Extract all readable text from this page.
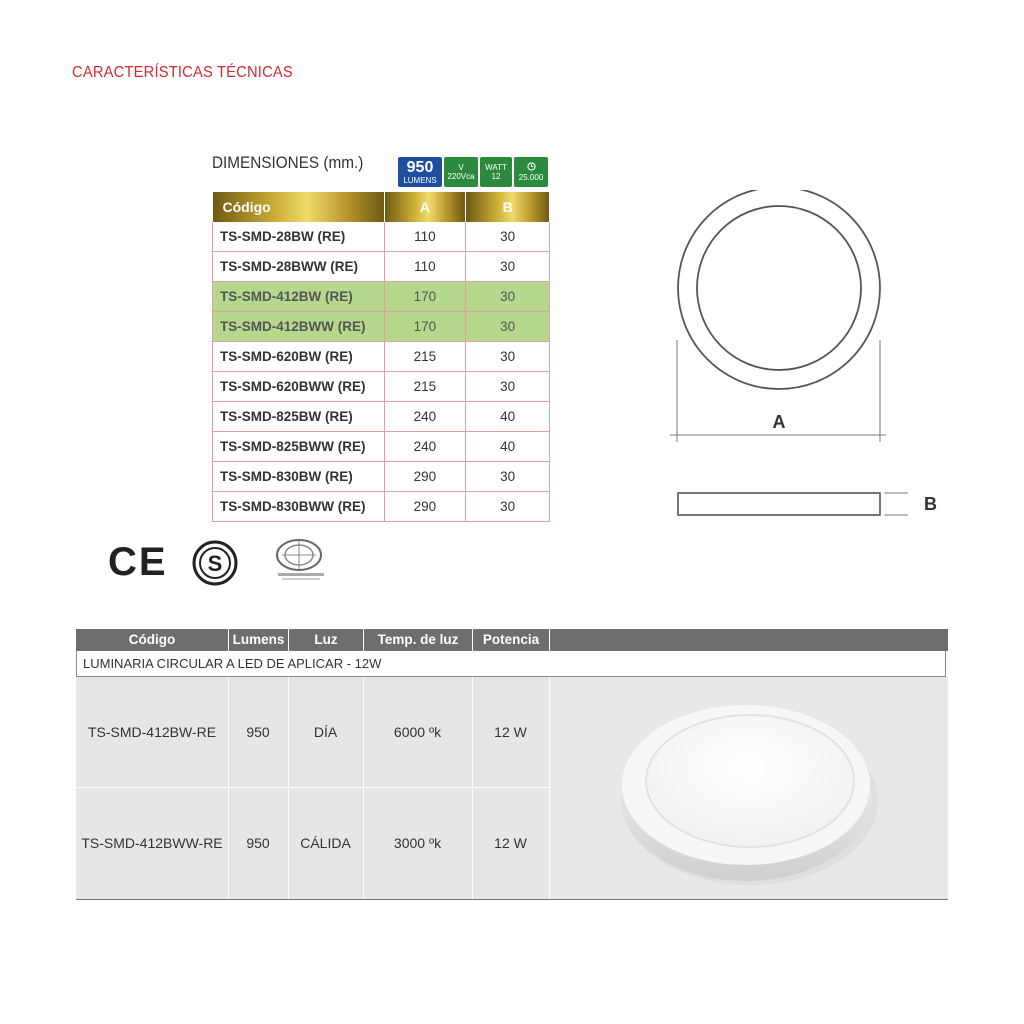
CARACTERÍSTICAS TÉCNICAS
DIMENSIONES (mm.)	950
LUMENS
V
220Vca
WATT
12 25.000
Código	A	B
TS-SMD-28BW (RE)	110	30
TS-SMD-28BWW (RE)	110	30
TS-SMD-412BW (RE)	170	30
TS-SMD-412BWW (RE)	170	30
TS-SMD-620BW (RE)	215	30
TS-SMD-620BWW (RE)	215	30
TS-SMD-825BW (RE)	240	40
TS-SMD-825BWW (RE)	240	40
TS-SMD-830BW (RE)	290	30
TS-SMD-830BWW (RE)	290	30
A
B
CE S
Código	Lumens	Luz	Temp. de luz	Potencia
LUMINARIA CIRCULAR A LED DE APLICAR - 12W
TS-SMD-412BW-RE	950	DÍA	6000 ºk	12 W
TS-SMD-412BWW-RE	950	CÁLIDA	3000 ºk	12 W
